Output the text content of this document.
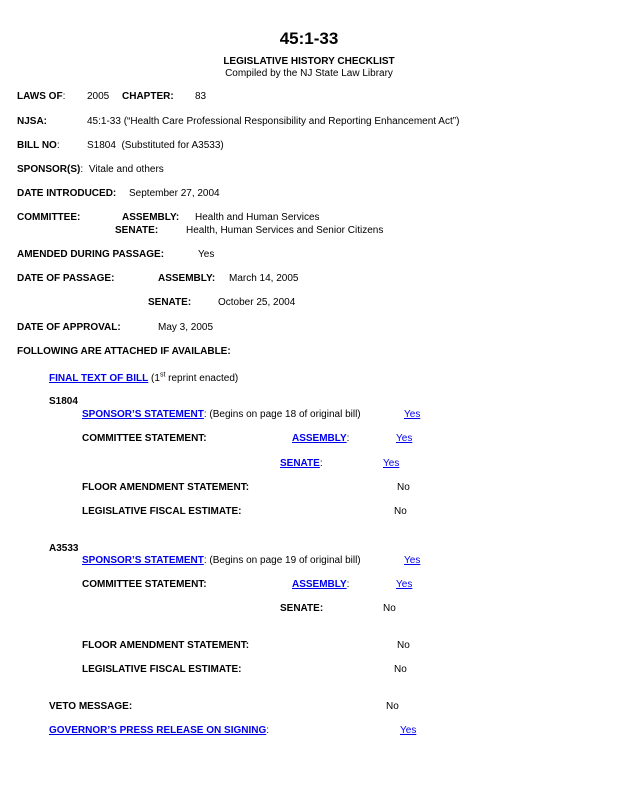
45:1-33
LEGISLATIVE HISTORY CHECKLIST
Compiled by the NJ State Law Library
LAWS OF: 2005 CHAPTER: 83
NJSA:	45:1-33 (“Health Care Professional Responsibility and Reporting Enhancement Act”)
BILL NO:	S1804  (Substituted for A3533)
SPONSOR(S): Vitale and others
DATE INTRODUCED: September 27, 2004
COMMITTEE:	ASSEMBLY: Health and Human Services
SENATE:	Health, Human Services and Senior Citizens
AMENDED DURING PASSAGE:	Yes
DATE OF PASSAGE:	ASSEMBLY: March 14, 2005
SENATE:	October 25, 2004
DATE OF APPROVAL:	May 3, 2005
FOLLOWING ARE ATTACHED IF AVAILABLE:
FINAL TEXT OF BILL (1st reprint enacted)
S1804
SPONSOR’S STATEMENT: (Begins on page 18 of original bill)	Yes
COMMITTEE STATEMENT:	ASSEMBLY:	Yes
SENATE:	Yes
FLOOR AMENDMENT STATEMENT:	No
LEGISLATIVE FISCAL ESTIMATE:	No
A3533
SPONSOR’S STATEMENT: (Begins on page 19 of original bill)	Yes
COMMITTEE STATEMENT:	ASSEMBLY:	Yes
SENATE:	No
FLOOR AMENDMENT STATEMENT:	No
LEGISLATIVE FISCAL ESTIMATE:	No
VETO MESSAGE:	No
GOVERNOR’S PRESS RELEASE ON SIGNING:	Yes
